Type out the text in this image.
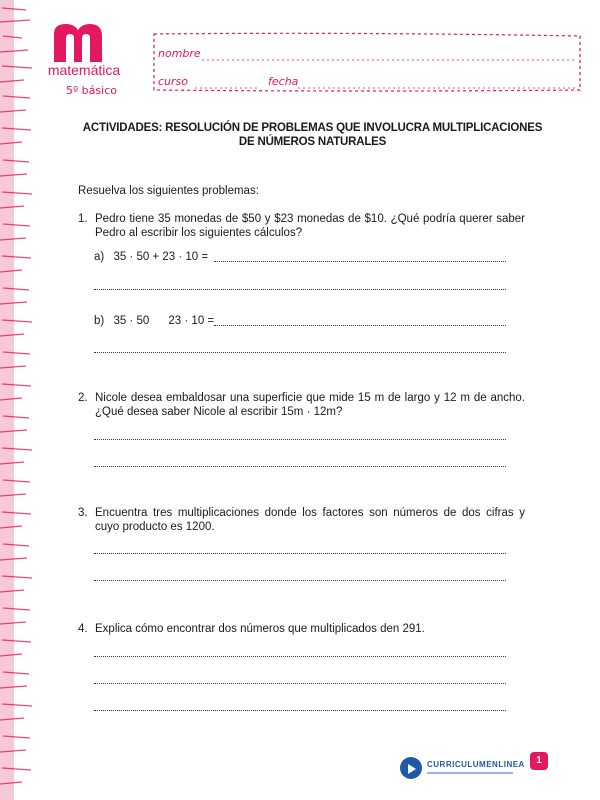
matemática
5º básico
nombre
curso	fecha
ACTIVIDADES: RESOLUCIÓN DE PROBLEMAS QUE INVOLUCRA MULTIPLICACIONES
DE NÚMEROS NATURALES
Resuelva los siguientes problemas:
1. Pedro tiene 35 monedas de $50 y $23 monedas de $10. ¿Qué podría querer saber Pedro al escribir los siguientes cálculos?
a) 35 · 50 + 23 · 10 =
b) 35 · 50      23 · 10 =
2. Nicole desea embaldosar una superficie que mide 15 m de largo y 12 m de ancho. ¿Qué desea saber Nicole al escribir 15m · 12m?
3. Encuentra tres multiplicaciones donde los factores son números de dos cifras y cuyo producto es 1200.
4. Explica cómo encontrar dos números que multiplicados den 291.
CURRICULUMENLINEA	1
